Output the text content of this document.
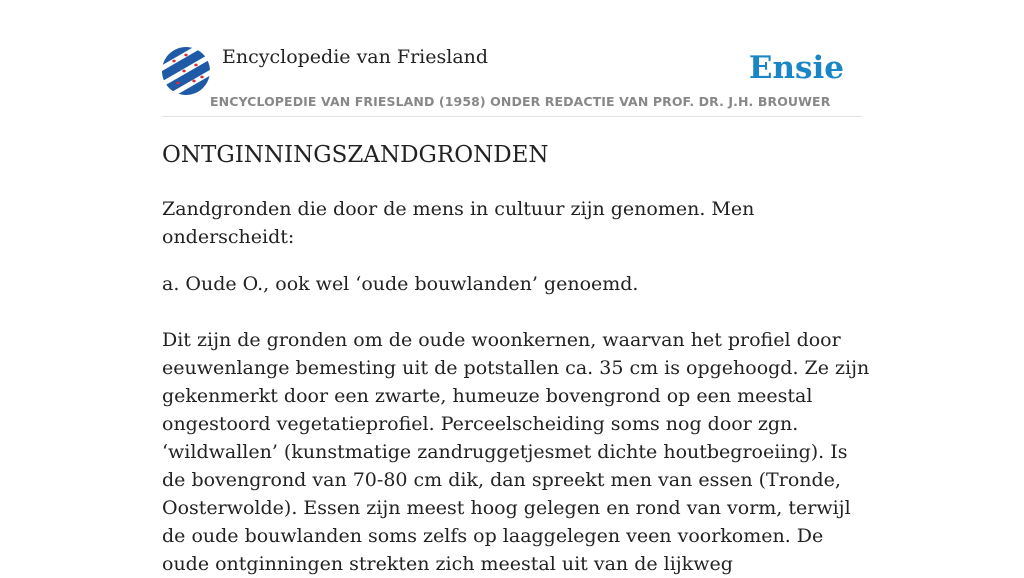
Encyclopedie van Friesland
ENCYCLOPEDIE VAN FRIESLAND (1958) ONDER REDACTIE VAN PROF. DR. J.H. BROUWER
Ensie
ONTGINNINGSZANDGRONDEN

Zandgronden die door de mens in cultuur zijn genomen. Men onderscheidt:

a. Oude O., ook wel ‘oude bouwlanden’ genoemd.

Dit zijn de gronden om de oude woonkernen, waarvan het profiel door eeuwenlange bemesting uit de potstallen ca. 35 cm is opgehoogd. Ze zijn gekenmerkt door een zwarte, humeuze bovengrond op een meestal ongestoord vegetatieprofiel. Perceelscheiding soms nog door zgn. ‘wildwallen’ (kunstmatige zandruggetjesmet dichte houtbegroeiing). Is de bovengrond van 70-80 cm dik, dan spreekt men van essen (Tronde, Oosterwolde). Essen zijn meest hoog gelegen en rond van vorm, terwijl de oude bouwlanden soms zelfs op laaggelegen veen voorkomen. De oude ontginningen strekten zich meestal uit van de lijkweg
